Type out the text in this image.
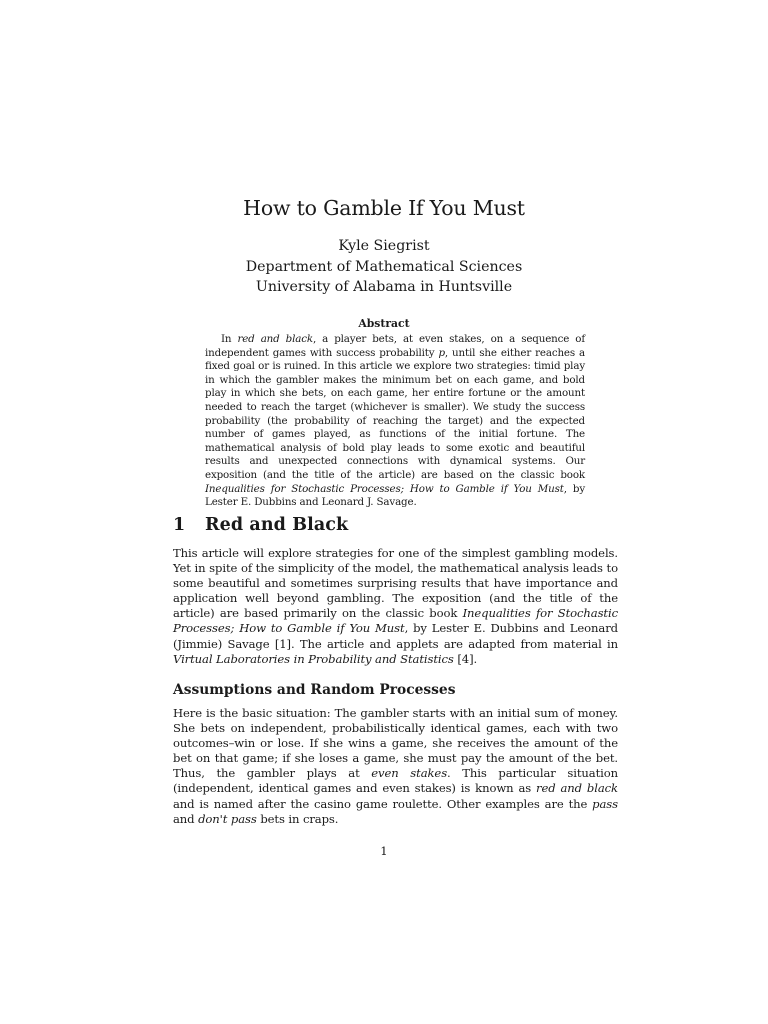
How to Gamble If You Must
Kyle Siegrist
Department of Mathematical Sciences
University of Alabama in Huntsville
Abstract
In red and black, a player bets, at even stakes, on a sequence of independent games with success probability p, until she either reaches a fixed goal or is ruined. In this article we explore two strategies: timid play in which the gambler makes the minimum bet on each game, and bold play in which she bets, on each game, her entire fortune or the amount needed to reach the target (whichever is smaller). We study the success probability (the probability of reaching the target) and the expected number of games played, as functions of the initial fortune. The mathematical analysis of bold play leads to some exotic and beautiful results and unexpected connections with dynamical systems. Our exposition (and the title of the article) are based on the classic book Inequalities for Stochastic Processes; How to Gamble if You Must, by Lester E. Dubbins and Leonard J. Savage.
1 Red and Black
This article will explore strategies for one of the simplest gambling models. Yet in spite of the simplicity of the model, the mathematical analysis leads to some beautiful and sometimes surprising results that have importance and application well beyond gambling. The exposition (and the title of the article) are based primarily on the classic book Inequalities for Stochastic Processes; How to Gamble if You Must, by Lester E. Dubbins and Leonard (Jimmie) Savage [1]. The article and applets are adapted from material in Virtual Laboratories in Probability and Statistics [4].
Assumptions and Random Processes
Here is the basic situation: The gambler starts with an initial sum of money. She bets on independent, probabilistically identical games, each with two outcomes–win or lose. If she wins a game, she receives the amount of the bet on that game; if she loses a game, she must pay the amount of the bet. Thus, the gambler plays at even stakes. This particular situation (independent, identical games and even stakes) is known as red and black and is named after the casino game roulette. Other examples are the pass and don't pass bets in craps.
1
